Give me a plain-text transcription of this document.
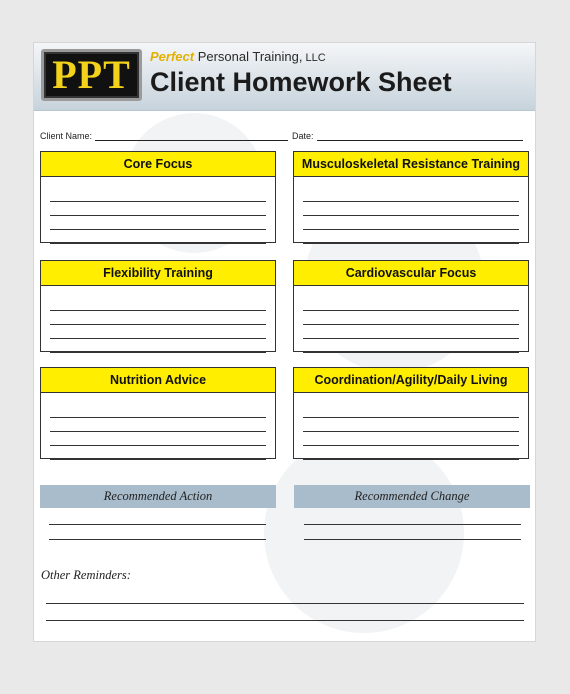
PPT Perfect Personal Training, LLC
Client Homework Sheet
Client Name:	Date:
Core Focus	Musculoskeletal Resistance Training
Flexibility Training	Cardiovascular Focus
Nutrition Advice	Coordination/Agility/Daily Living
Recommended Action	Recommended Change
Other Reminders:
